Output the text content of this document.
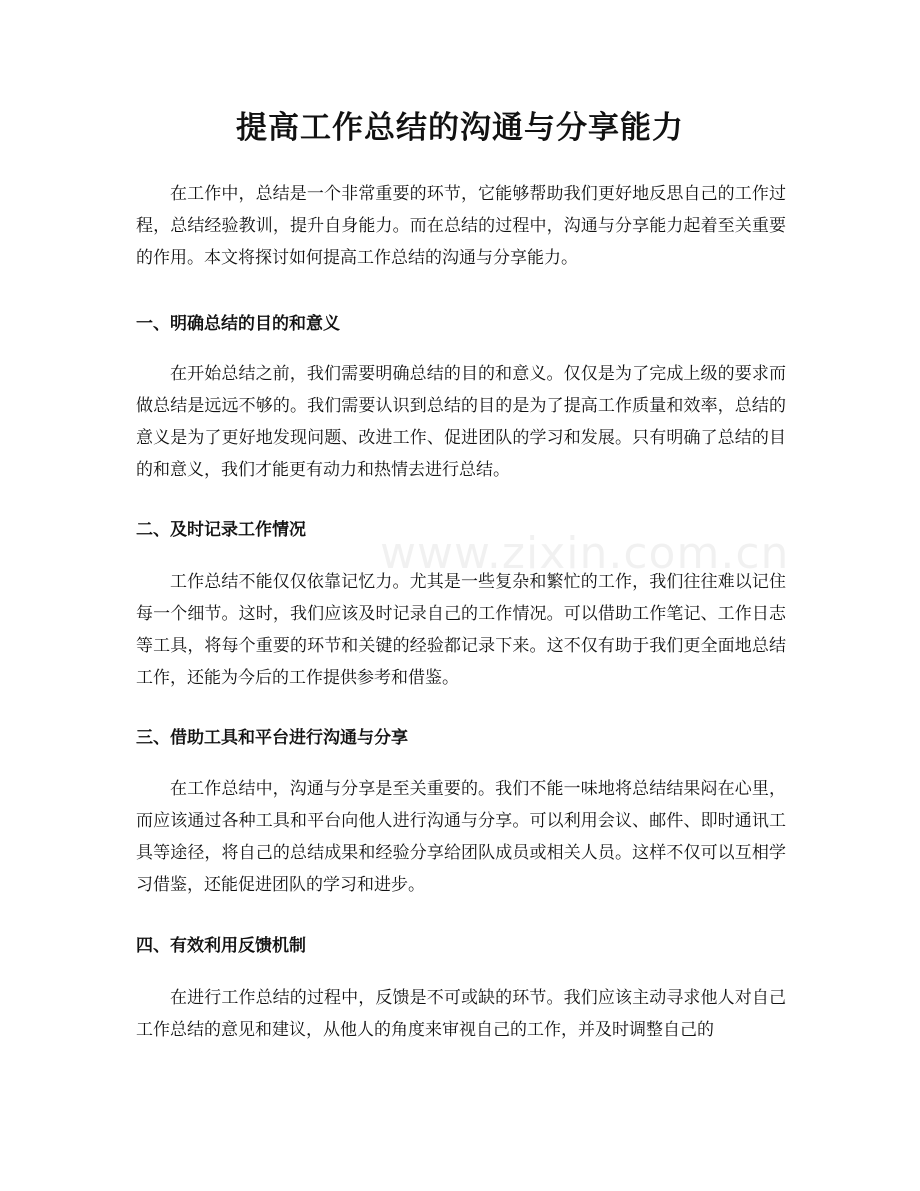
提高工作总结的沟通与分享能力

在工作中，总结是一个非常重要的环节，它能够帮助我们更好地反思自己的工作过程，总结经验教训，提升自身能力。而在总结的过程中，沟通与分享能力起着至关重要的作用。本文将探讨如何提高工作总结的沟通与分享能力。

一、明确总结的目的和意义

在开始总结之前，我们需要明确总结的目的和意义。仅仅是为了完成上级的要求而做总结是远远不够的。我们需要认识到总结的目的是为了提高工作质量和效率，总结的意义是为了更好地发现问题、改进工作、促进团队的学习和发展。只有明确了总结的目的和意义，我们才能更有动力和热情去进行总结。

二、及时记录工作情况

工作总结不能仅仅依靠记忆力。尤其是一些复杂和繁忙的工作，我们往往难以记住每一个细节。这时，我们应该及时记录自己的工作情况。可以借助工作笔记、工作日志等工具，将每个重要的环节和关键的经验都记录下来。这不仅有助于我们更全面地总结工作，还能为今后的工作提供参考和借鉴。

三、借助工具和平台进行沟通与分享

在工作总结中，沟通与分享是至关重要的。我们不能一味地将总结结果闷在心里，而应该通过各种工具和平台向他人进行沟通与分享。可以利用会议、邮件、即时通讯工具等途径，将自己的总结成果和经验分享给团队成员或相关人员。这样不仅可以互相学习借鉴，还能促进团队的学习和进步。

四、有效利用反馈机制

在进行工作总结的过程中，反馈是不可或缺的环节。我们应该主动寻求他人对自己工作总结的意见和建议，从他人的角度来审视自己的工作，并及时调整自己的

www.zixin.com.cn
